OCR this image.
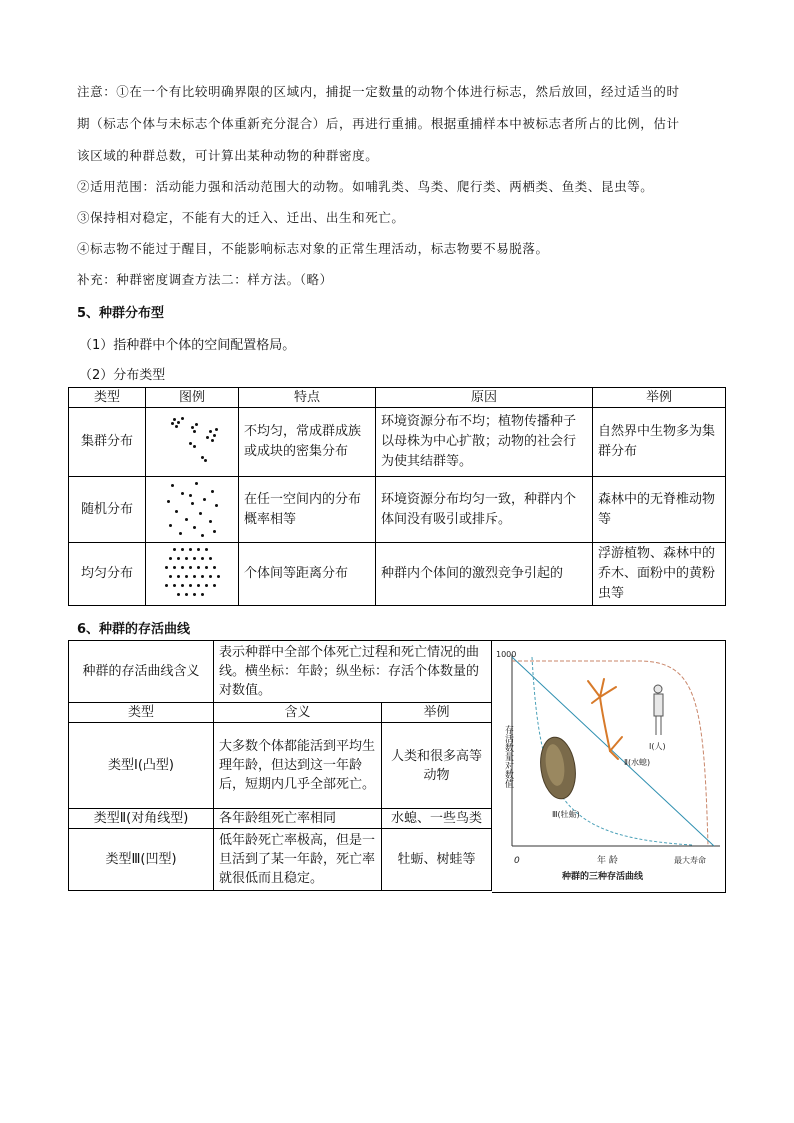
注意：①在一个有比较明确界限的区域内，捕捉一定数量的动物个体进行标志，然后放回，经过适当的时
期（标志个体与未标志个体重新充分混合）后，再进行重捕。根据重捕样本中被标志者所占的比例，估计
该区域的种群总数，可计算出某种动物的种群密度。
②适用范围：活动能力强和活动范围大的动物。如哺乳类、鸟类、爬行类、两栖类、鱼类、昆虫等。
③保持相对稳定，不能有大的迁入、迁出、出生和死亡。
④标志物不能过于醒目，不能影响标志对象的正常生理活动，标志物要不易脱落。
补充：种群密度调查方法二：样方法。（略）
5、种群分布型
（1）指种群中个体的空间配置格局。
（2）分布类型
类型	图例	特点	原因	举例
集群分布		不均匀，常成群成族或成块的密集分布	环境资源分布不均；植物传播种子以母株为中心扩散；动物的社会行为使其结群等。	自然界中生物多为集群分布
随机分布		在任一空间内的分布概率相等	环境资源分布均匀一致，种群内个体间没有吸引或排斥。	森林中的无脊椎动物等
均匀分布		个体间等距离分布	种群内个体间的激烈竞争引起的	浮游植物、森林中的乔木、面粉中的黄粉虫等
6、种群的存活曲线
种群的存活曲线含义	表示种群中全部个体死亡过程和死亡情况的曲线。横坐标：年龄；纵坐标：存活个体数量的对数值。	
类型	含义	举例
类型Ⅰ(凸型)	大多数个体都能活到平均生理年龄，但达到这一年龄后，短期内几乎全部死亡。	人类和很多高等动物
类型Ⅱ(对角线型)	各年龄组死亡率相同	水螅、一些鸟类
类型Ⅲ(凹型)	低年龄死亡率极高，但是一旦活到了某一年龄，死亡率就很低而且稳定。	牡蛎、树蛙等
1000
0	年 龄	最大寿命
种群的三种存活曲线
存活数量对数值	Ⅰ(人)
Ⅱ(水螅)
Ⅲ(牡蛎)
